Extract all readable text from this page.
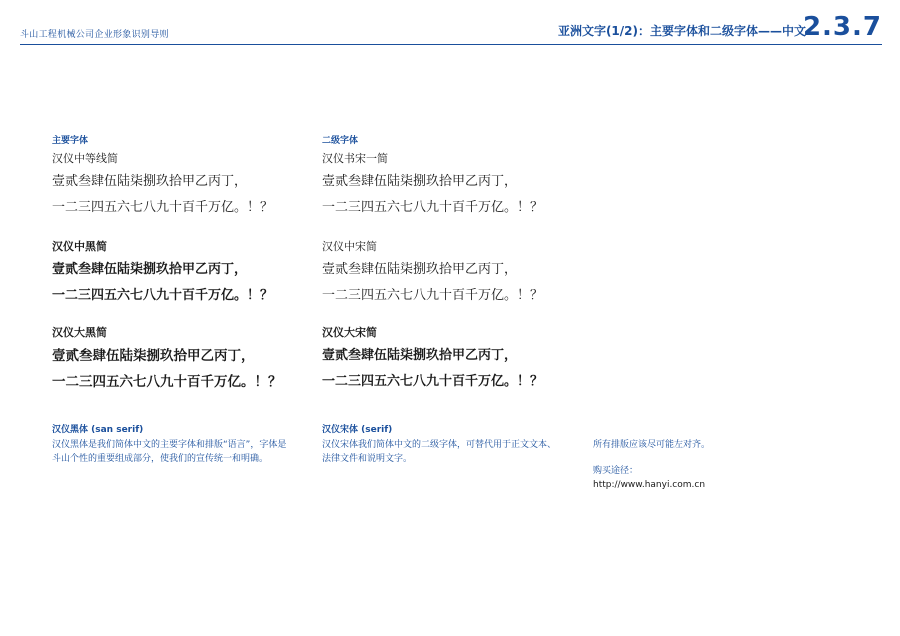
斗山工程机械公司企业形象识别导则	亚洲文字(1/2)：主要字体和二级字体——中文
2.3.7
主要字体
汉仪中等线简
壹贰叁肆伍陆柒捌玖拾甲乙丙丁，
一二三四五六七八九十百千万亿。！？
汉仪中黑简
壹贰叁肆伍陆柒捌玖拾甲乙丙丁，
一二三四五六七八九十百千万亿。！？
汉仪大黑简
壹贰叁肆伍陆柒捌玖拾甲乙丙丁，
一二三四五六七八九十百千万亿。！？
汉仪黑体 (san serif)
汉仪黑体是我们简体中文的主要字体和排版“语言”，字体是斗山个性的重要组成部分，使我们的宣传统一和明确。
二级字体
汉仪书宋一简
壹贰叁肆伍陆柒捌玖拾甲乙丙丁，
一二三四五六七八九十百千万亿。！？
汉仪中宋简
壹贰叁肆伍陆柒捌玖拾甲乙丙丁，
一二三四五六七八九十百千万亿。！？
汉仪大宋简
壹贰叁肆伍陆柒捌玖拾甲乙丙丁，
一二三四五六七八九十百千万亿。！？
汉仪宋体 (serif)
汉仪宋体我们简体中文的二级字体，可替代用于正文文本、法律文件和说明文字。
所有排版应该尽可能左对齐。
购买途径：
http://www.hanyi.com.cn
